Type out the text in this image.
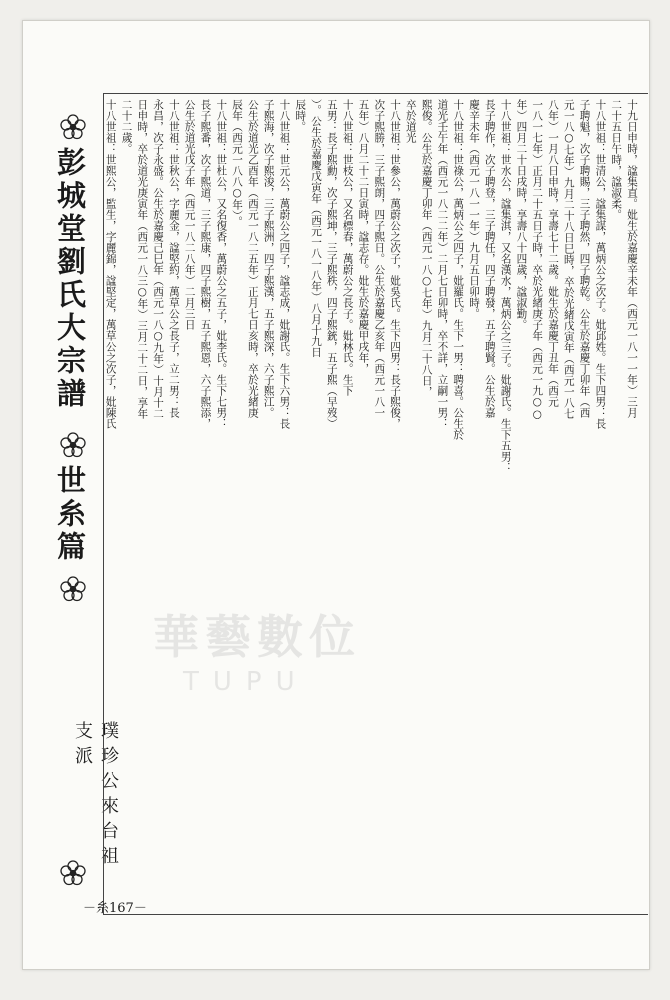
彭城堂劉氏大宗譜
世糸篇
璞珍公來台祖支派
十九日申時，諡集直。妣生於嘉慶辛未年（西元一八一一年）三月
二十五日午時，諡淑柔。
十八世祖：世清公，諡集謀，萬炳公之次子。妣邱姓。生下四男：長
子聘魁，次子聘賜，三子聘然，四子聘乾。公生於嘉慶丁卯年（西
元一八○七年）九月二十八日巳時，卒於光緒戊寅年（西元一八七
八年）一月八日申時，享壽七十二歲。妣生於嘉慶丁丑年（西元
一八一七年）正月二十五日子時，卒於光緒庚子年（西元一九○○
年）四月二十日戌時，享壽八十四歲，諡淑勤。
十八世祖：世水公，諡集淇，又名漢水，萬炳公之三子。妣謝氏。生下五男：
長子聘作，次子聘登，三子聘任，四子聘發，五子聘賢。公生於嘉
慶辛未年（西元一八一一年）九月五日卯時。
十八世祖：世祿公，萬炳公之四子，妣羅氏。生下一男：聘喜。公生於
道光壬午年（西元一八二二年）二月七日卯時，卒不詳，立嗣一男：
熙俊。公生於嘉慶丁卯年（西元一八○七年）九月二十八日，
卒於道光
十八世祖：世參公，萬蔚公之次子，妣吳氏。生下四男：長子熙俊，
次子熙勝，三子熙朗，四子熙日。公生於嘉慶乙亥年（西元一八一
五年）八月二十二日寅時，諡志存。妣生於嘉慶甲戌年，
十八世祖：世枝公，又名標春，萬蔚公之長子。妣林氏。生下
五男：長子熙勳，次子熙坤，三子熙秩，四子熙銃，五子熙（早歿）
）。公生於嘉慶戊寅年（西元一八一八年）八月十九日
辰時。
十八世祖：世元公，萬蔚公之四子，諡志成，妣謝氏。生下六男：長
子熙海，次子熙浚，三子熙洲，四子熙漢，五子熙深，六子熙江。
公生於道光乙酉年（西元一八二五年）正月七日亥時，卒於光緒庚
辰年（西元一八八○年）。
十八世祖：世杜公，又名復香，萬蔚公之五子，妣李氏。生下七男：
長子熙番，次子熙道，三子熙康，四子熙樹，五子熙恩，六子熙添，
公生於道光戊子年（西元一八二八年）二月三日
十八世祖：世秋公，字麗金，諡堅約，萬草公之長子，立二男：長
永昌，次子永盛。公生於嘉慶己巳年（西元一八○九年）十月十二
日申時，卒於道光庚寅年（西元一八三○年）三月二十二日，享年
二十二歲。
十八世祖：世熙公，監生，字麗錦，諡堅定，萬草公之次子，妣陳氏
華藝數位
TUPU
－糸167－
